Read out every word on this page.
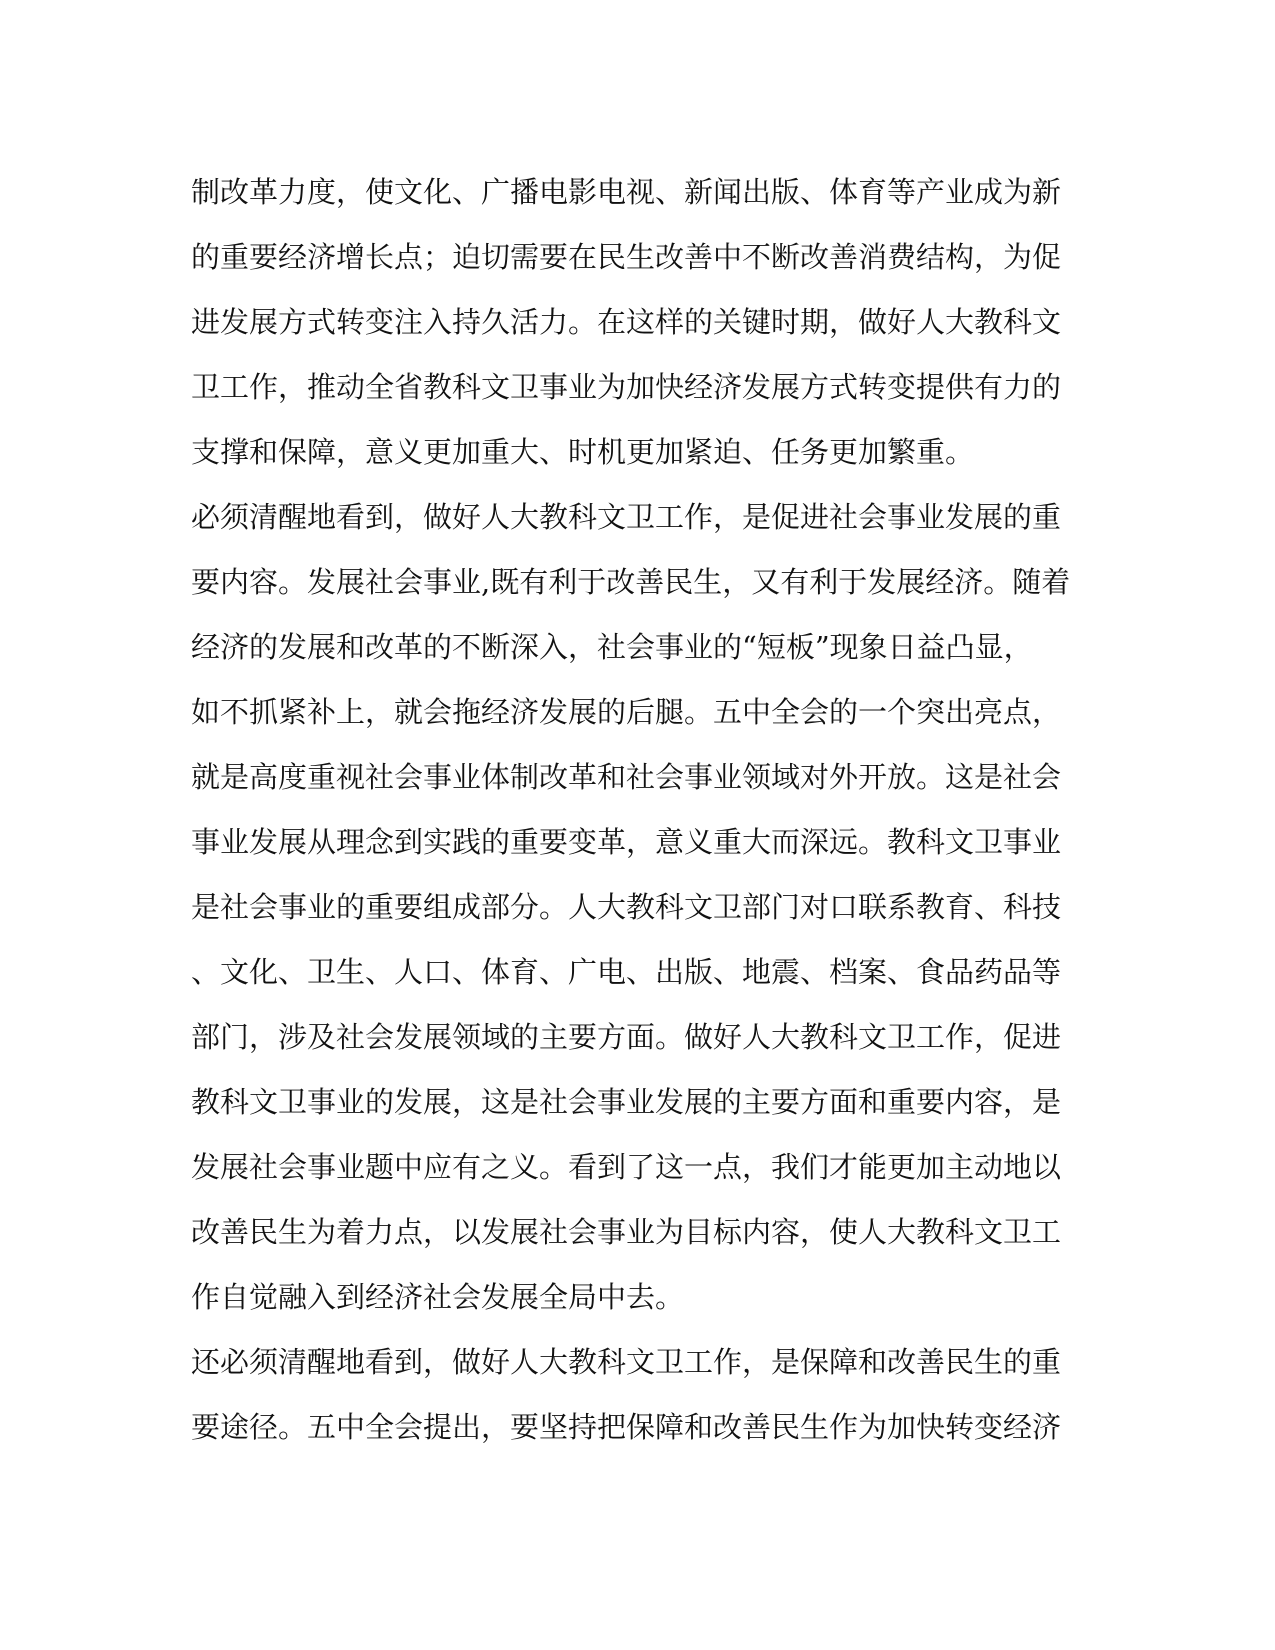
制改革力度，使文化、广播电影电视、新闻出版、体育等产业成为新
的重要经济增长点；迫切需要在民生改善中不断改善消费结构，为促
进发展方式转变注入持久活力。在这样的关键时期，做好人大教科文
卫工作，推动全省教科文卫事业为加快经济发展方式转变提供有力的
支撑和保障，意义更加重大、时机更加紧迫、任务更加繁重。
必须清醒地看到，做好人大教科文卫工作，是促进社会事业发展的重
要内容。发展社会事业,既有利于改善民生，又有利于发展经济。随着
经济的发展和改革的不断深入，社会事业的“短板”现象日益凸显，
如不抓紧补上，就会拖经济发展的后腿。五中全会的一个突出亮点，
就是高度重视社会事业体制改革和社会事业领域对外开放。这是社会
事业发展从理念到实践的重要变革，意义重大而深远。教科文卫事业
是社会事业的重要组成部分。人大教科文卫部门对口联系教育、科技
、文化、卫生、人口、体育、广电、出版、地震、档案、食品药品等
部门，涉及社会发展领域的主要方面。做好人大教科文卫工作，促进
教科文卫事业的发展，这是社会事业发展的主要方面和重要内容，是
发展社会事业题中应有之义。看到了这一点，我们才能更加主动地以
改善民生为着力点，以发展社会事业为目标内容，使人大教科文卫工
作自觉融入到经济社会发展全局中去。
还必须清醒地看到，做好人大教科文卫工作，是保障和改善民生的重
要途径。五中全会提出，要坚持把保障和改善民生作为加快转变经济
